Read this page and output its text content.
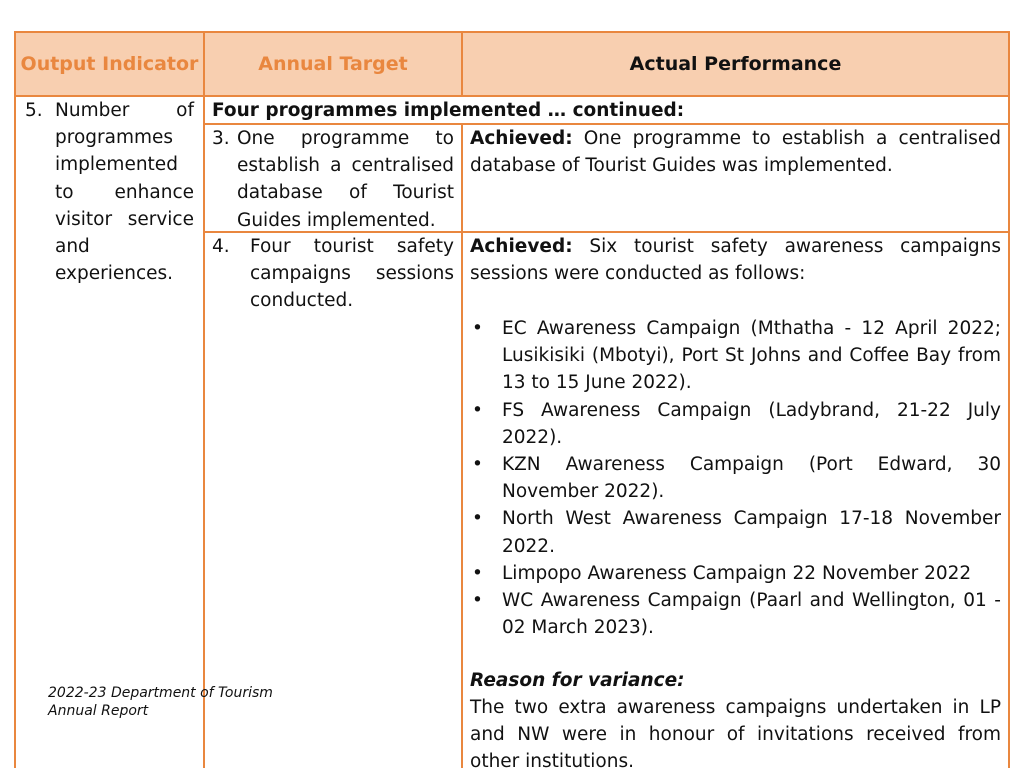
Output Indicator	Annual Target	Actual Performance
5. Number of
programmes
implemented
to enhance
visitor service
and
experiences.
Four programmes implemented … continued:
3. One programme to
establish a centralised
database of Tourist
Guides implemented.
Achieved: One programme to establish a centralised
database of Tourist Guides was implemented.
4. Four tourist safety
campaigns sessions
conducted.
Achieved: Six tourist safety awareness campaigns
sessions were conducted as follows:
• EC Awareness Campaign (Mthatha - 12 April 2022;
Lusikisiki (Mbotyi), Port St Johns and Coffee Bay from
13 to 15 June 2022).
• FS Awareness Campaign (Ladybrand, 21-22 July
2022).
• KZN Awareness Campaign (Port Edward, 30
November 2022).
• North West Awareness Campaign 17-18 November
2022.
• Limpopo Awareness Campaign 22 November 2022
• WC Awareness Campaign (Paarl and Wellington, 01 -
02 March 2023).
Reason for variance:
The two extra awareness campaigns undertaken in LP
and NW were in honour of invitations received from
other institutions.
2022-23 Department of Tourism Annual Report
